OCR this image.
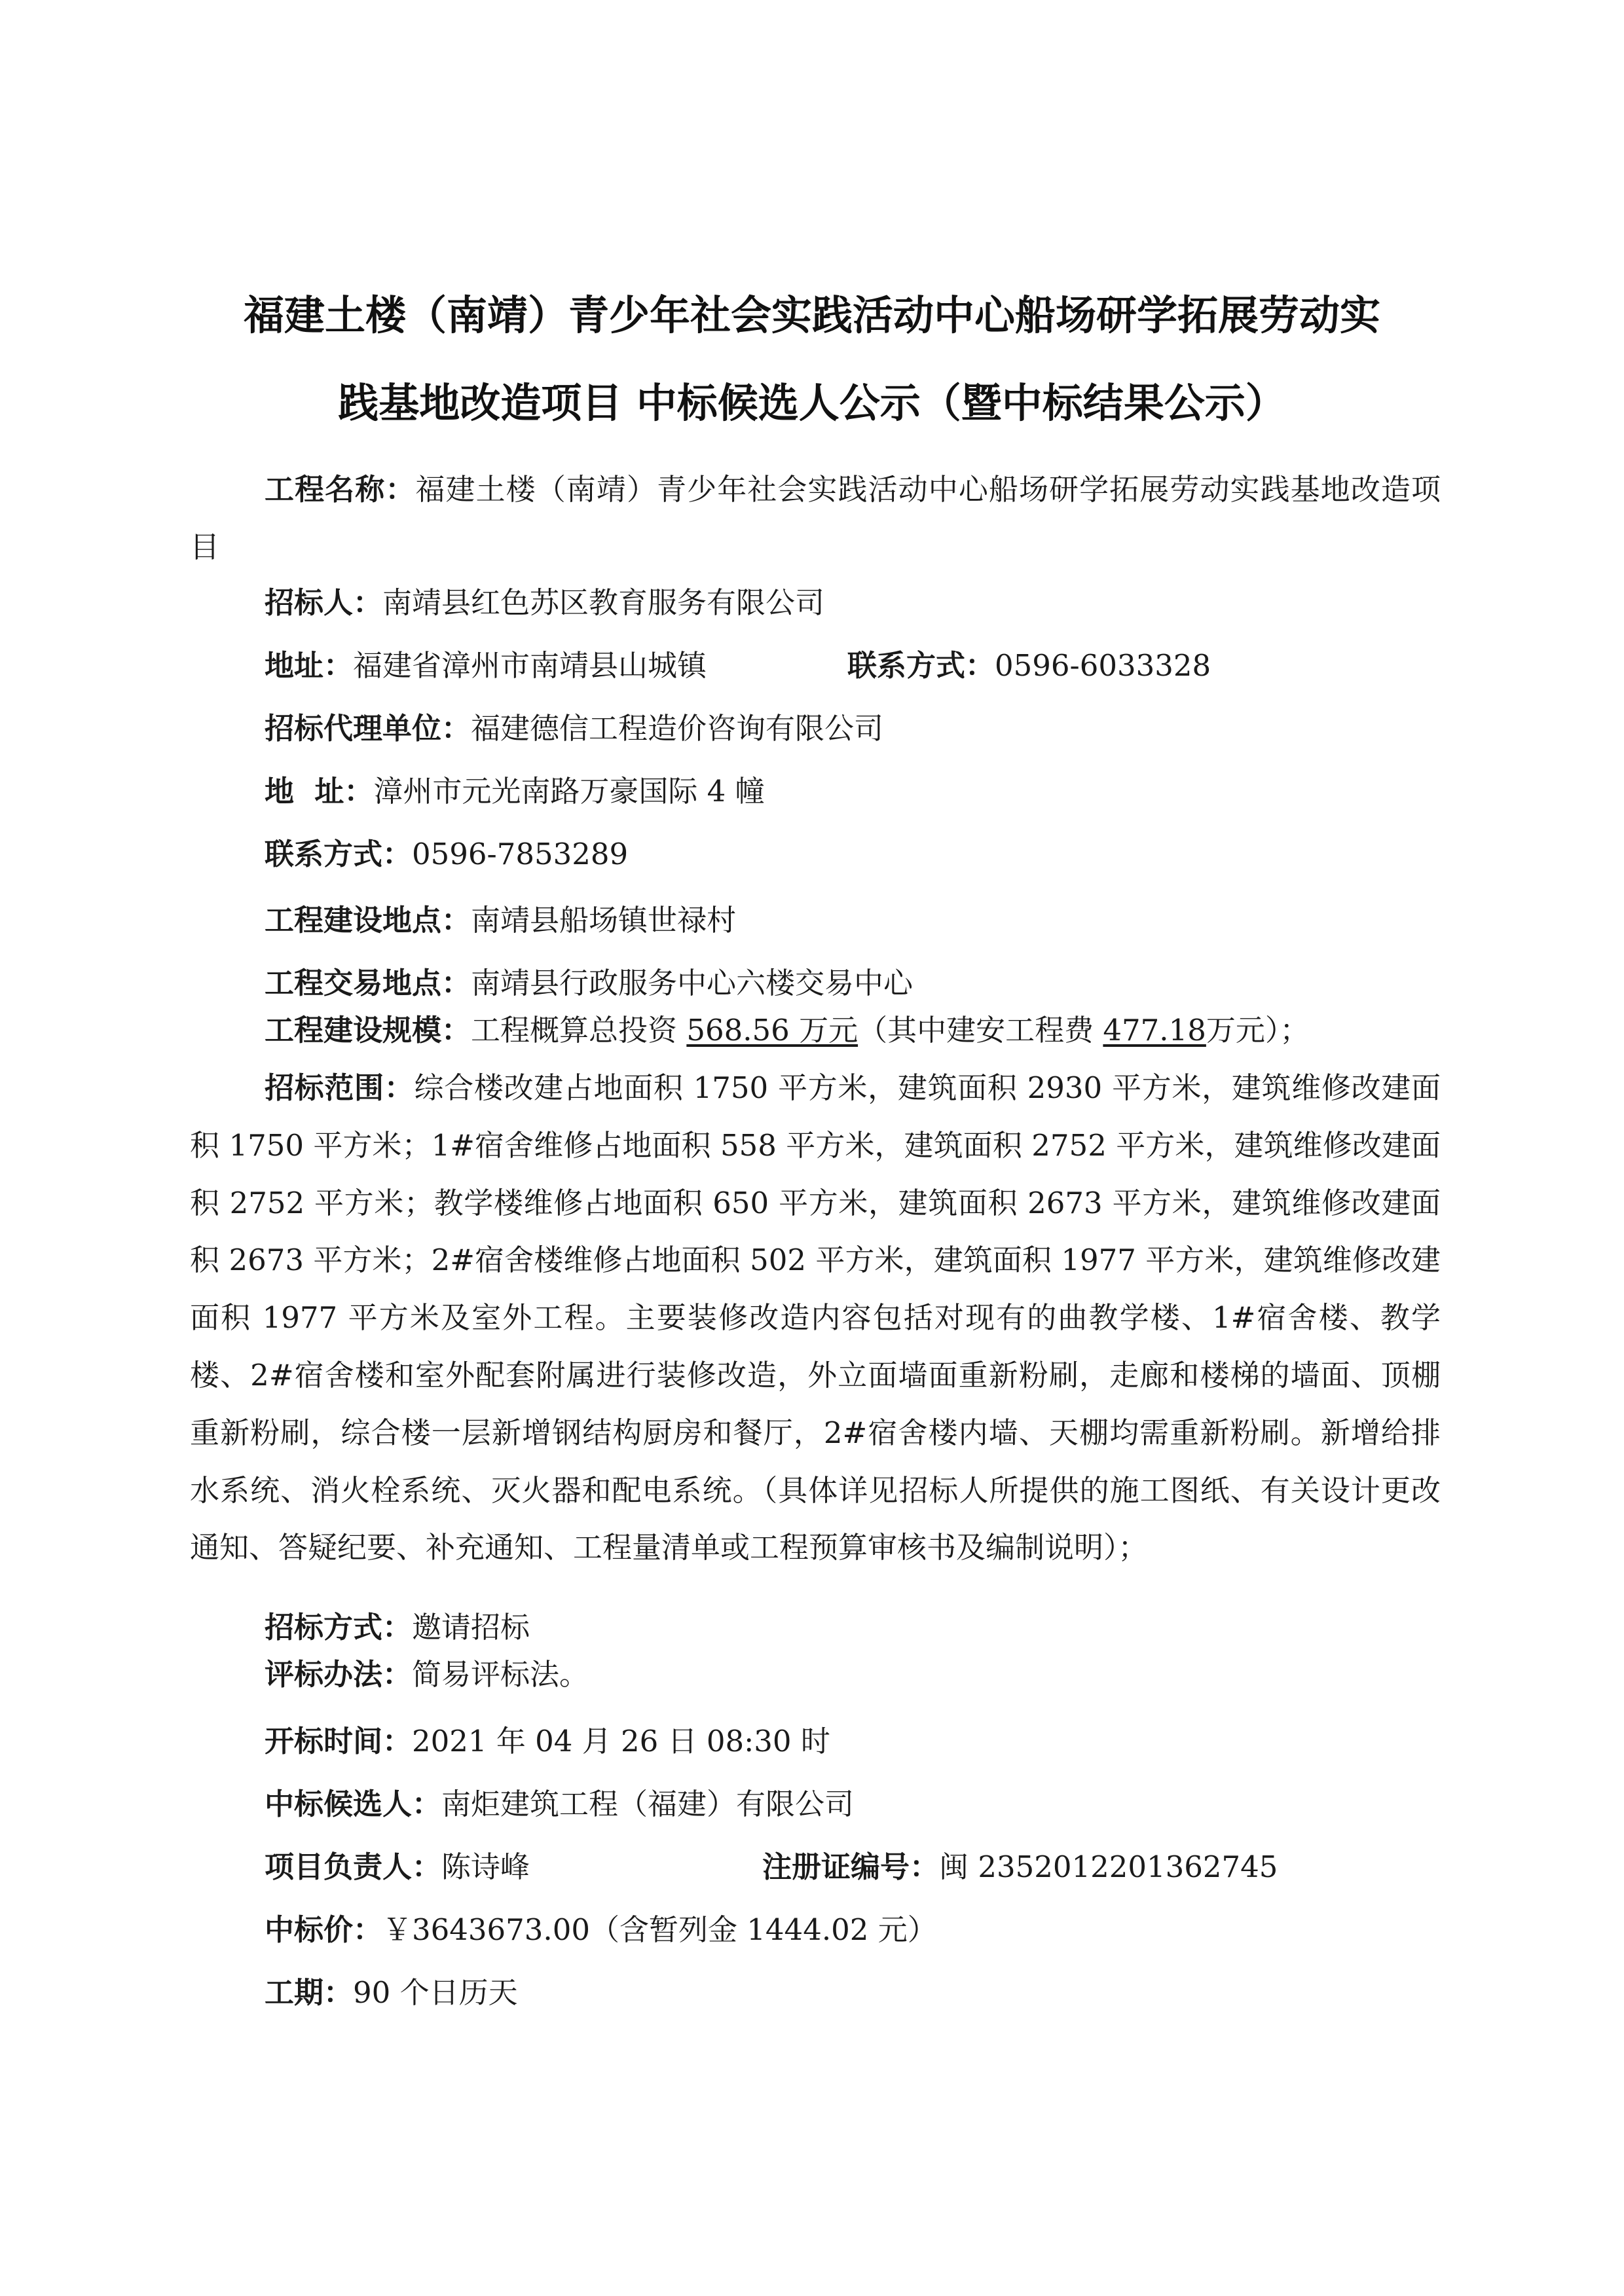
福建土楼（南靖）青少年社会实践活动中心船场研学拓展劳动实
践基地改造项目 中标候选人公示（暨中标结果公示）
工程名称：福建土楼（南靖）青少年社会实践活动中心船场研学拓展劳动实践基地改造项目
招标人：南靖县红色苏区教育服务有限公司
地址：福建省漳州市南靖县山城镇	联系方式：0596-6033328
招标代理单位：福建德信工程造价咨询有限公司
地  址：漳州市元光南路万豪国际 4 幢
联系方式：0596-7853289
工程建设地点：南靖县船场镇世禄村
工程交易地点：南靖县行政服务中心六楼交易中心
工程建设规模：工程概算总投资 568.56 万元（其中建安工程费 477.18万元）；
招标范围：综合楼改建占地面积 1750 平方米，建筑面积 2930 平方米，建筑维修改建面积 1750 平方米；1#宿舍维修占地面积 558 平方米，建筑面积 2752 平方米，建筑维修改建面积 2752 平方米；教学楼维修占地面积 650 平方米，建筑面积 2673 平方米，建筑维修改建面积 2673 平方米；2#宿舍楼维修占地面积 502 平方米，建筑面积 1977 平方米，建筑维修改建面积 1977 平方米及室外工程。主要装修改造内容包括对现有的曲教学楼、1#宿舍楼、教学楼、2#宿舍楼和室外配套附属进行装修改造，外立面墙面重新粉刷，走廊和楼梯的墙面、顶棚重新粉刷，综合楼一层新增钢结构厨房和餐厅，2#宿舍楼内墙、天棚均需重新粉刷。新增给排水系统、消火栓系统、灭火器和配电系统。（具体详见招标人所提供的施工图纸、有关设计更改通知、答疑纪要、补充通知、工程量清单或工程预算审核书及编制说明）；
招标方式：邀请招标
评标办法：简易评标法。
开标时间：2021 年 04 月 26 日 08:30 时
中标候选人：南炬建筑工程（福建）有限公司
项目负责人：陈诗峰	注册证编号：闽 2352012201362745
中标价：￥3643673.00（含暂列金 1444.02 元）
工期：90 个日历天
